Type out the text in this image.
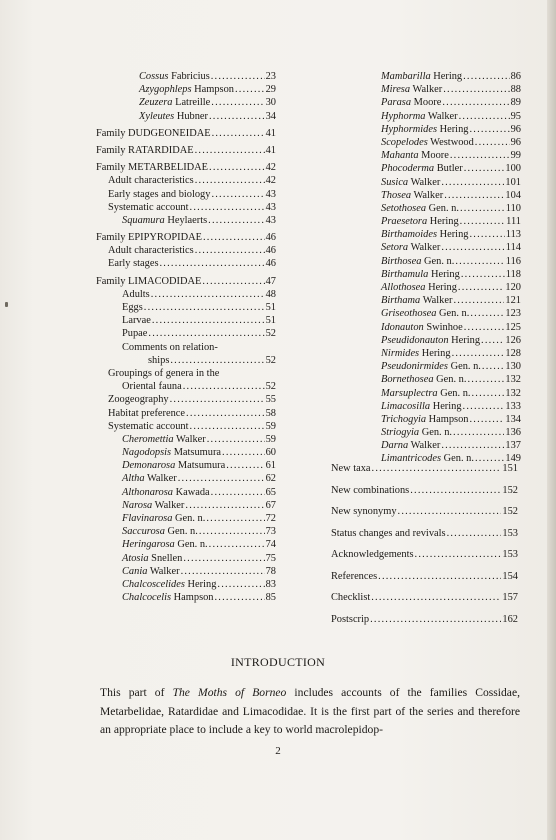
Cossus Fabricius .....	23
Azygophleps Hampson .....	29
Zeuzera Latreille .....	30
Xyleutes Hubner .....	34
Family DUDGEONEIDAE .....	41
Family RATARDIDAE .....	41
Family METARBELIDAE .....	42
Adult characteristics .....	42
Early stages and biology .....	43
Systematic account .....	43
Squamura Heylaerts .....	43
Family EPIPYROPIDAE .....	46
Adult characteristics .....	46
Early stages .....	46
Family LIMACODIDAE .....	47
Adults .....	48
Eggs .....	51
Larvae .....	51
Pupae .....	52
Comments on relation-
ships .....	52
Groupings of genera in the
Oriental fauna .....	52
Zoogeography .....	55
Habitat preference .....	58
Systematic account .....	59
Cheromettia Walker .....	59
Nagodopsis Matsumura .....	60
Demonarosa Matsumura .....	61
Altha Walker .....	62
Althonarosa Kawada .....	65
Narosa Walker .....	67
Flavinarosa Gen. n. .....	72
Saccurosa Gen. n. .....	73
Heringarosa Gen. n. .....	74
Atosia Snellen .....	75
Cania Walker .....	78
Chalcoscelides Hering .....	83
Chalcocelis Hampson .....	85
Mambarilla Hering .....	86
Miresa Walker .....	88
Parasa Moore .....	89
Hyphorma Walker .....	95
Hyphormides Hering .....	96
Scopelodes Westwood .....	96
Mahanta Moore .....	99
Phocoderma Butler .....	100
Susica Walker .....	101
Thosea Walker .....	104
Setothosea Gen. n. .....	110
Praesetora Hering .....	111
Birthamoides Hering .....	113
Setora Walker .....	114
Birthosea Gen. n. .....	116
Birthamula Hering .....	118
Allothosea Hering .....	120
Birthama Walker .....	121
Griseothosea Gen. n. .....	123
Idonauton Swinhoe .....	125
Pseudidonauton Hering ..... 126
Nirmides Hering .....	128
Pseudonirmides Gen. n. ..... 130
Bornethosea Gen. n. .....	132
Marsuplectra Gen. n. .....	132
Limacosilla Hering .....	133
Trichogyia Hampson .....	134
Striogyia Gen. n. .....	136
Darna Walker .....	137
Limantricodes Gen. n. .....	149
New taxa .....	151
New combinations .....	152
New synonymy .....	152
Status changes and revivals .....	153
Acknowledgements .....	153
References .....	154
Checklist .....	157
Postscrip .....	162
INTRODUCTION
This part of The Moths of Borneo includes accounts of the families Cossidae, Metarbelidae, Ratardidae and Limacodidae. It is the first part of the series and therefore an appropriate place to include a key to world macrolepidop-
2
